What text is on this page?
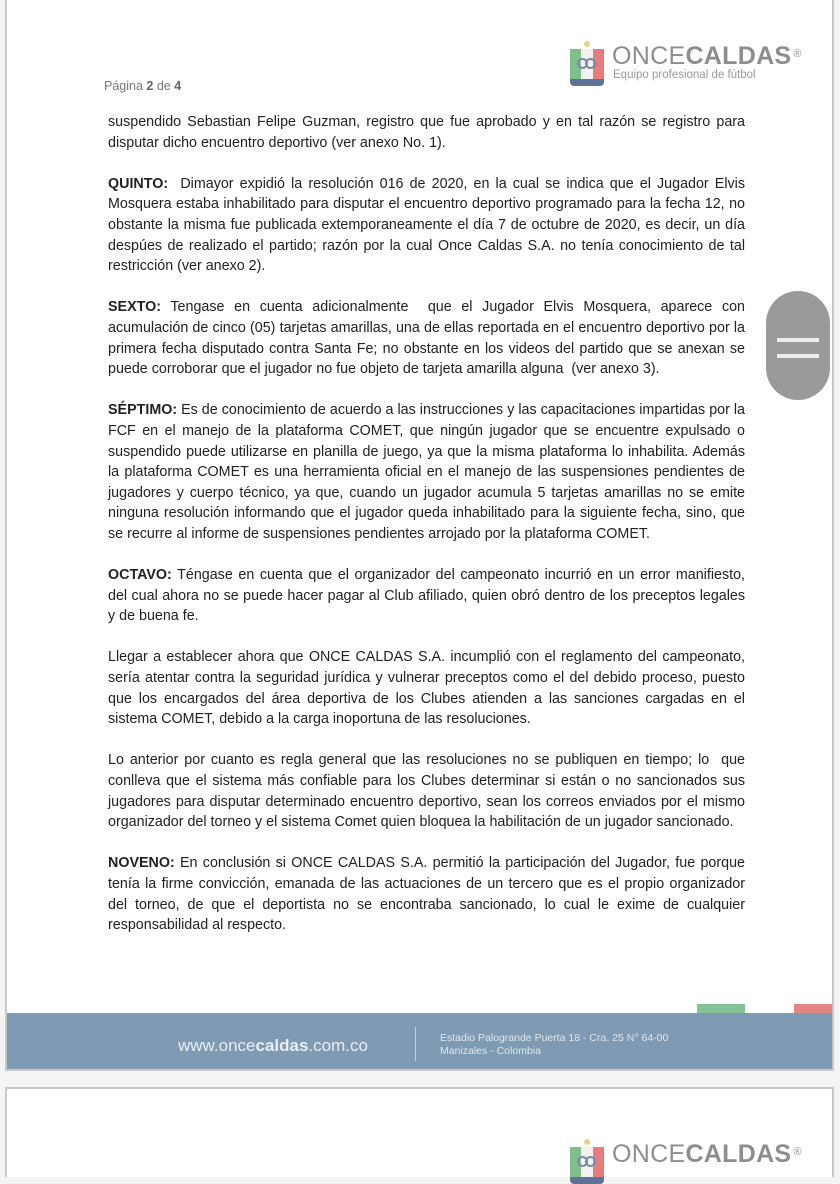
Página 2 de 4
ONCECALDAS ®
Equipo profesional de fútbol

suspendido Sebastian Felipe Guzman, registro que fue aprobado y en tal razón se registro para disputar dicho encuentro deportivo (ver anexo No. 1).

QUINTO:  Dimayor expidió la resolución 016 de 2020, en la cual se indica que el Jugador Elvis Mosquera estaba inhabilitado para disputar el encuentro deportivo programado para la fecha 12, no obstante la misma fue publicada extemporaneamente el día 7 de octubre de 2020, es decir, un día despúes de realizado el partido; razón por la cual Once Caldas S.A. no tenía conocimiento de tal restricción (ver anexo 2).

SEXTO: Tengase en cuenta adicionalmente  que el Jugador Elvis Mosquera, aparece con acumulación de cinco (05) tarjetas amarillas, una de ellas reportada en el encuentro deportivo por la primera fecha disputado contra Santa Fe; no obstante en los videos del partido que se anexan se puede corroborar que el jugador no fue objeto de tarjeta amarilla alguna  (ver anexo 3).

SÉPTIMO: Es de conocimiento de acuerdo a las instrucciones y las capacitaciones impartidas por la FCF en el manejo de la plataforma COMET, que ningún jugador que se encuentre expulsado o suspendido puede utilizarse en planilla de juego, ya que la misma plataforma lo inhabilita. Además la plataforma COMET es una herramienta oficial en el manejo de las suspensiones pendientes de jugadores y cuerpo técnico, ya que, cuando un jugador acumula 5 tarjetas amarillas no se emite ninguna resolución informando que el jugador queda inhabilitado para la siguiente fecha, sino, que se recurre al informe de suspensiones pendientes arrojado por la plataforma COMET.

OCTAVO: Téngase en cuenta que el organizador del campeonato incurrió en un error manifiesto, del cual ahora no se puede hacer pagar al Club afiliado, quien obró dentro de los preceptos legales y de buena fe.

Llegar a establecer ahora que ONCE CALDAS S.A. incumplió con el reglamento del campeonato, sería atentar contra la seguridad jurídica y vulnerar preceptos como el del debido proceso, puesto que los encargados del área deportiva de los Clubes atienden a las sanciones cargadas en el sistema COMET, debido a la carga inoportuna de las resoluciones.

Lo anterior por cuanto es regla general que las resoluciones no se publiquen en tiempo; lo  que conlleva que el sistema más confiable para los Clubes determinar si están o no sancionados sus jugadores para disputar determinado encuentro deportivo, sean los correos enviados por el mismo organizador del torneo y el sistema Comet quien bloquea la habilitación de un jugador sancionado.

NOVENO: En conclusión si ONCE CALDAS S.A. permitió la participación del Jugador, fue porque tenía la firme convicción, emanada de las actuaciones de un tercero que es el propio organizador del torneo, de que el deportista no se encontraba sancionado, lo cual le exime de cualquier responsabilidad al respecto.

www.oncecaldas.com.co	Estadio Palogrande Puerta 18 - Cra. 25 N° 64-00
Manizales - Colombia
ONCECALDAS ®
